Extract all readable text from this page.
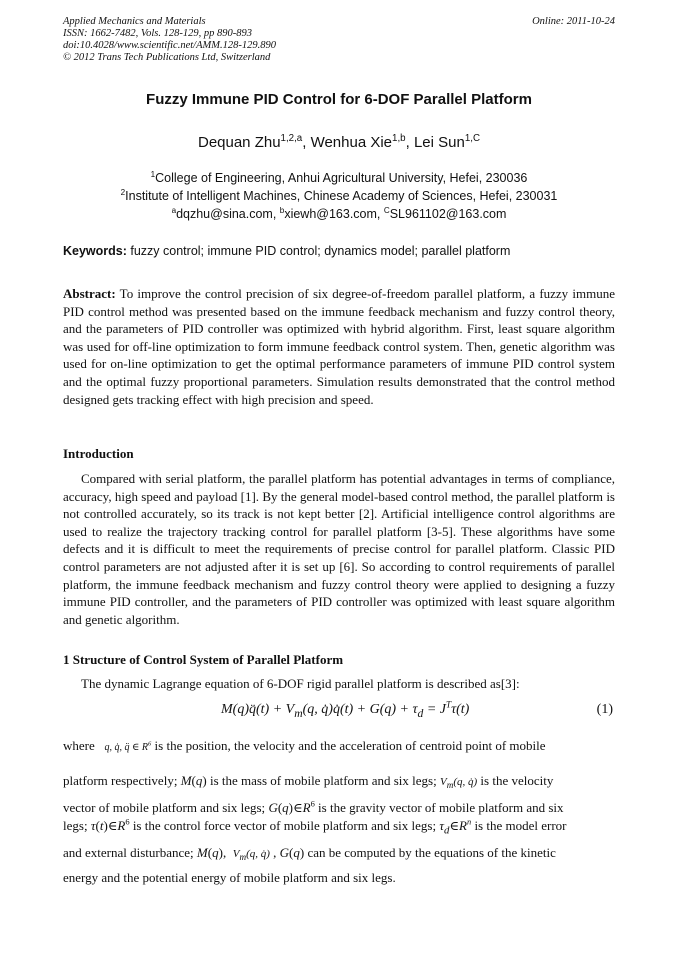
Applied Mechanics and Materials
ISSN: 1662-7482, Vols. 128-129, pp 890-893
doi:10.4028/www.scientific.net/AMM.128-129.890
© 2012 Trans Tech Publications Ltd, Switzerland
Online: 2011-10-24
Fuzzy Immune PID Control for 6-DOF Parallel Platform
Dequan Zhu$^{1,2,a}$, Wenhua Xie$^{1,b}$, Lei Sun$^{1,C}$
$^1$College of Engineering, Anhui Agricultural University, Hefei, 230036
$^2$Institute of Intelligent Machines, Chinese Academy of Sciences, Hefei, 230031
$^a$dqzhu@sina.com, $^b$xiewh@163.com, $^C$SL961102@163.com
Keywords: fuzzy control; immune PID control; dynamics model; parallel platform
Abstract: To improve the control precision of six degree-of-freedom parallel platform, a fuzzy immune PID control method was presented based on the immune feedback mechanism and fuzzy control theory, and the parameters of PID controller was optimized with hybrid algorithm. First, least square algorithm was used for off-line optimization to form immune feedback control system. Then, genetic algorithm was used for on-line optimization to get the optimal performance parameters of immune PID control system and the optimal fuzzy proportional parameters. Simulation results demonstrated that the control method designed gets tracking effect with high precision and speed.
Introduction
Compared with serial platform, the parallel platform has potential advantages in terms of compliance, accuracy, high speed and payload [1]. By the general model-based control method, the parallel platform is not controlled accurately, so its track is not kept better [2]. Artificial intelligence control algorithms are used to realize the trajectory tracking control for parallel platform [3-5]. These algorithms have some defects and it is difficult to meet the requirements of precise control for parallel platform. Classic PID control parameters are not adjusted after it is set up [6]. So according to control requirements of parallel platform, the immune feedback mechanism and fuzzy control theory were applied to designing a fuzzy immune PID controller, and the parameters of PID controller was optimized with least square algorithm and genetic algorithm.
1 Structure of Control System of Parallel Platform
The dynamic Lagrange equation of 6-DOF rigid parallel platform is described as[3]:
M(q)q̈(t) + $V_m(q$, q̇)q̇(t) + $G(q) + \tau_d = J^T\tau(t)$	(1)
where q, q̇, q̈ ∈ $R^6$ is the position, the velocity and the acceleration of centroid point of mobile
platform respectively; M(q) is the mass of mobile platform and six legs; $V_m(q$, q̇) is the velocity
vector of mobile platform and six legs; $G(q)\in R^6$ is the gravity vector of mobile platform and six
legs; $\tau(t)\in R^6$ is the control force vector of mobile platform and six legs; $\tau_d\in R^n$ is the model error
and external disturbance; M(q),  $V_m(q$, q̇) , G(q) can be computed by the equations of the kinetic
energy and the potential energy of mobile platform and six legs.
